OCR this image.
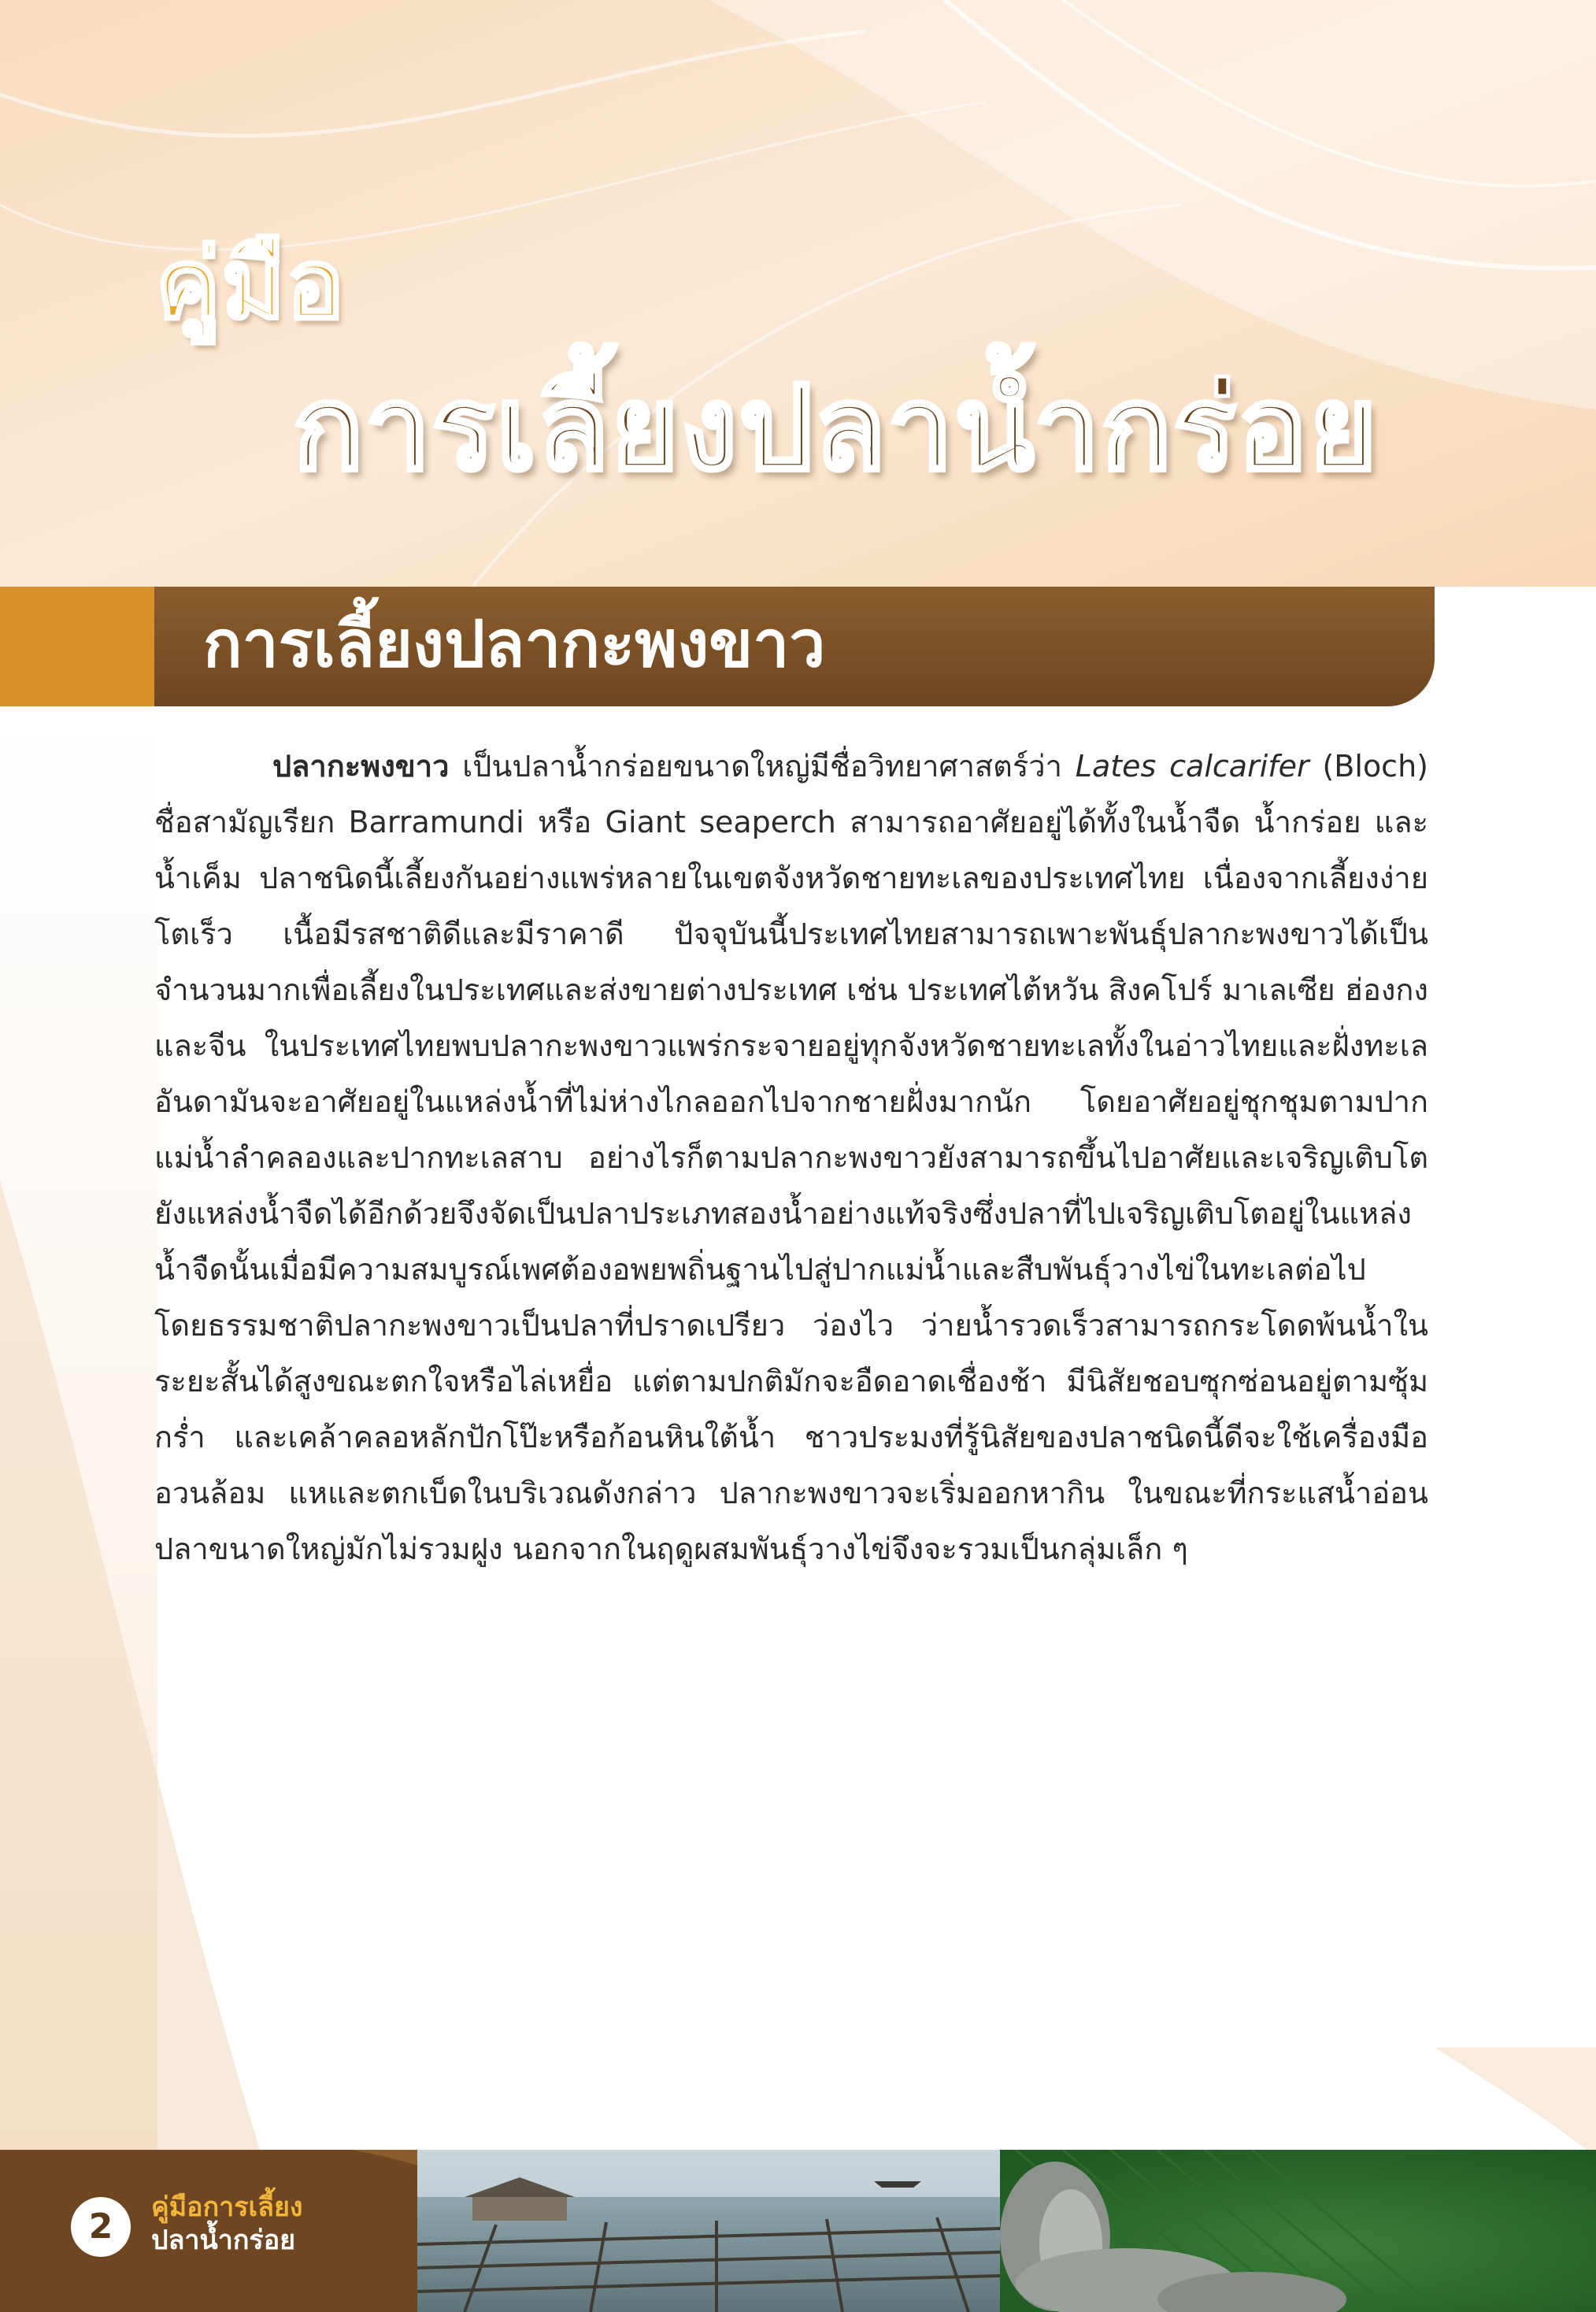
คู่มือ
การเลี้ยงปลาน้ำกร่อย
การเลี้ยงปลากะพงขาว
ปลากะพงขาว เป็นปลาน้ำกร่อยขนาดใหญ่มีชื่อวิทยาศาสตร์ว่า Lates calcarifer (Bloch) ชื่อสามัญเรียก Barramundi หรือ Giant seaperch สามารถอาศัยอยู่ได้ทั้งในน้ำจืด น้ำกร่อย และน้ำเค็ม ปลาชนิดนี้เลี้ยงกันอย่างแพร่หลายในเขตจังหวัดชายทะเลของประเทศไทย เนื่องจากเลี้ยงง่าย โตเร็ว เนื้อมีรสชาติดีและมีราคาดี ปัจจุบันนี้ประเทศไทยสามารถเพาะพันธุ์ปลากะพงขาวได้เป็นจำนวนมากเพื่อเลี้ยงในประเทศและส่งขายต่างประเทศ เช่น ประเทศไต้หวัน สิงคโปร์ มาเลเซีย ฮ่องกง และจีน ในประเทศไทยพบปลากะพงขาวแพร่กระจายอยู่ทุกจังหวัดชายทะเลทั้งในอ่าวไทยและฝั่งทะเลอันดามันจะอาศัยอยู่ในแหล่งน้ำที่ไม่ห่างไกลออกไปจากชายฝั่งมากนัก โดยอาศัยอยู่ชุกชุมตามปากแม่น้ำลำคลองและปากทะเลสาบ อย่างไรก็ตามปลากะพงขาวยังสามารถขึ้นไปอาศัยและเจริญเติบโตยังแหล่งน้ำจืดได้อีกด้วยจึงจัดเป็นปลาประเภทสองน้ำอย่างแท้จริงซึ่งปลาที่ไปเจริญเติบโตอยู่ในแหล่งน้ำจืดนั้นเมื่อมีความสมบูรณ์เพศต้องอพยพถิ่นฐานไปสู่ปากแม่น้ำและสืบพันธุ์วางไข่ในทะเลต่อไป โดยธรรมชาติปลากะพงขาวเป็นปลาที่ปราดเปรียว ว่องไว ว่ายน้ำรวดเร็วสามารถกระโดดพ้นน้ำในระยะสั้นได้สูงขณะตกใจหรือไล่เหยื่อ แต่ตามปกติมักจะอืดอาดเชื่องช้า มีนิสัยชอบซุกซ่อนอยู่ตามซุ้ม กร่ำ และเคล้าคลอหลักปักโป๊ะหรือก้อนหินใต้น้ำ ชาวประมงที่รู้นิสัยของปลาชนิดนี้ดีจะใช้เครื่องมืออวนล้อม แหและตกเบ็ดในบริเวณดังกล่าว ปลากะพงขาวจะเริ่มออกหากิน ในขณะที่กระแสน้ำอ่อนปลาขนาดใหญ่มักไม่รวมฝูง นอกจากในฤดูผสมพันธุ์วางไข่จึงจะรวมเป็นกลุ่มเล็ก ๆ
2	คู่มือการเลี้ยง
ปลาน้ำกร่อย
